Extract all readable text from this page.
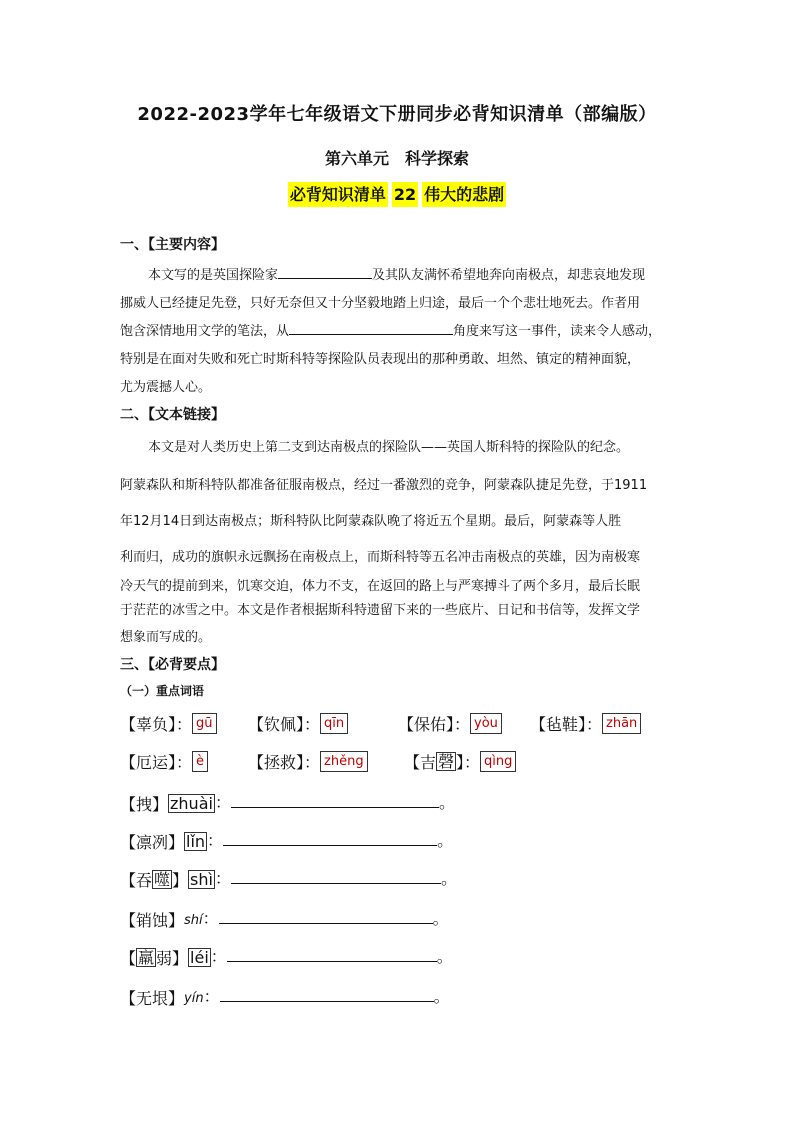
2022-2023学年七年级语文下册同步必背知识清单（部编版）
第六单元　科学探索
必背知识清单 22 伟大的悲剧
一、【主要内容】
本文写的是英国探险家	及其队友满怀希望地奔向南极点，却悲哀地发现
挪威人已经捷足先登，只好无奈但又十分坚毅地踏上归途，最后一个个悲壮地死去。作者用
饱含深情地用文学的笔法，从	角度来写这一事件，读来令人感动，
特别是在面对失败和死亡时斯科特等探险队员表现出的那种勇敢、坦然、镇定的精神面貌，
尤为震撼人心。
二、【文本链接】
本文是对人类历史上第二支到达南极点的探险队——英国人斯科特的探险队的纪念。
阿蒙森队和斯科特队都准备征服南极点，经过一番激烈的竞争，阿蒙森队捷足先登，于1911
年12月14日到达南极点；斯科特队比阿蒙森队晚了将近五个星期。最后，阿蒙森等人胜
利而归，成功的旗帜永远飘扬在南极点上，而斯科特等五名冲击南极点的英雄，因为南极寒
冷天气的提前到来，饥寒交迫，体力不支，在返回的路上与严寒搏斗了两个多月，最后长眠
于茫茫的冰雪之中。本文是作者根据斯科特遗留下来的一些底片、日记和书信等，发挥文学
想象而写成的。
三、【必背要点】
（一）重点词语
【辜负】： gū 【钦佩】： qīn	【保佑】： yòu 【毡鞋】： zhān
【厄运】： è	【拯救】： zhěng	【吉 磬 】： qìng
【拽】 zhuài ：	。
【凛冽】 lǐn ：	。
【吞 噬 】 shì ：	。
【销蚀】shí：	。
【 羸 弱】 léi ：	。
【无垠】yín：	。
